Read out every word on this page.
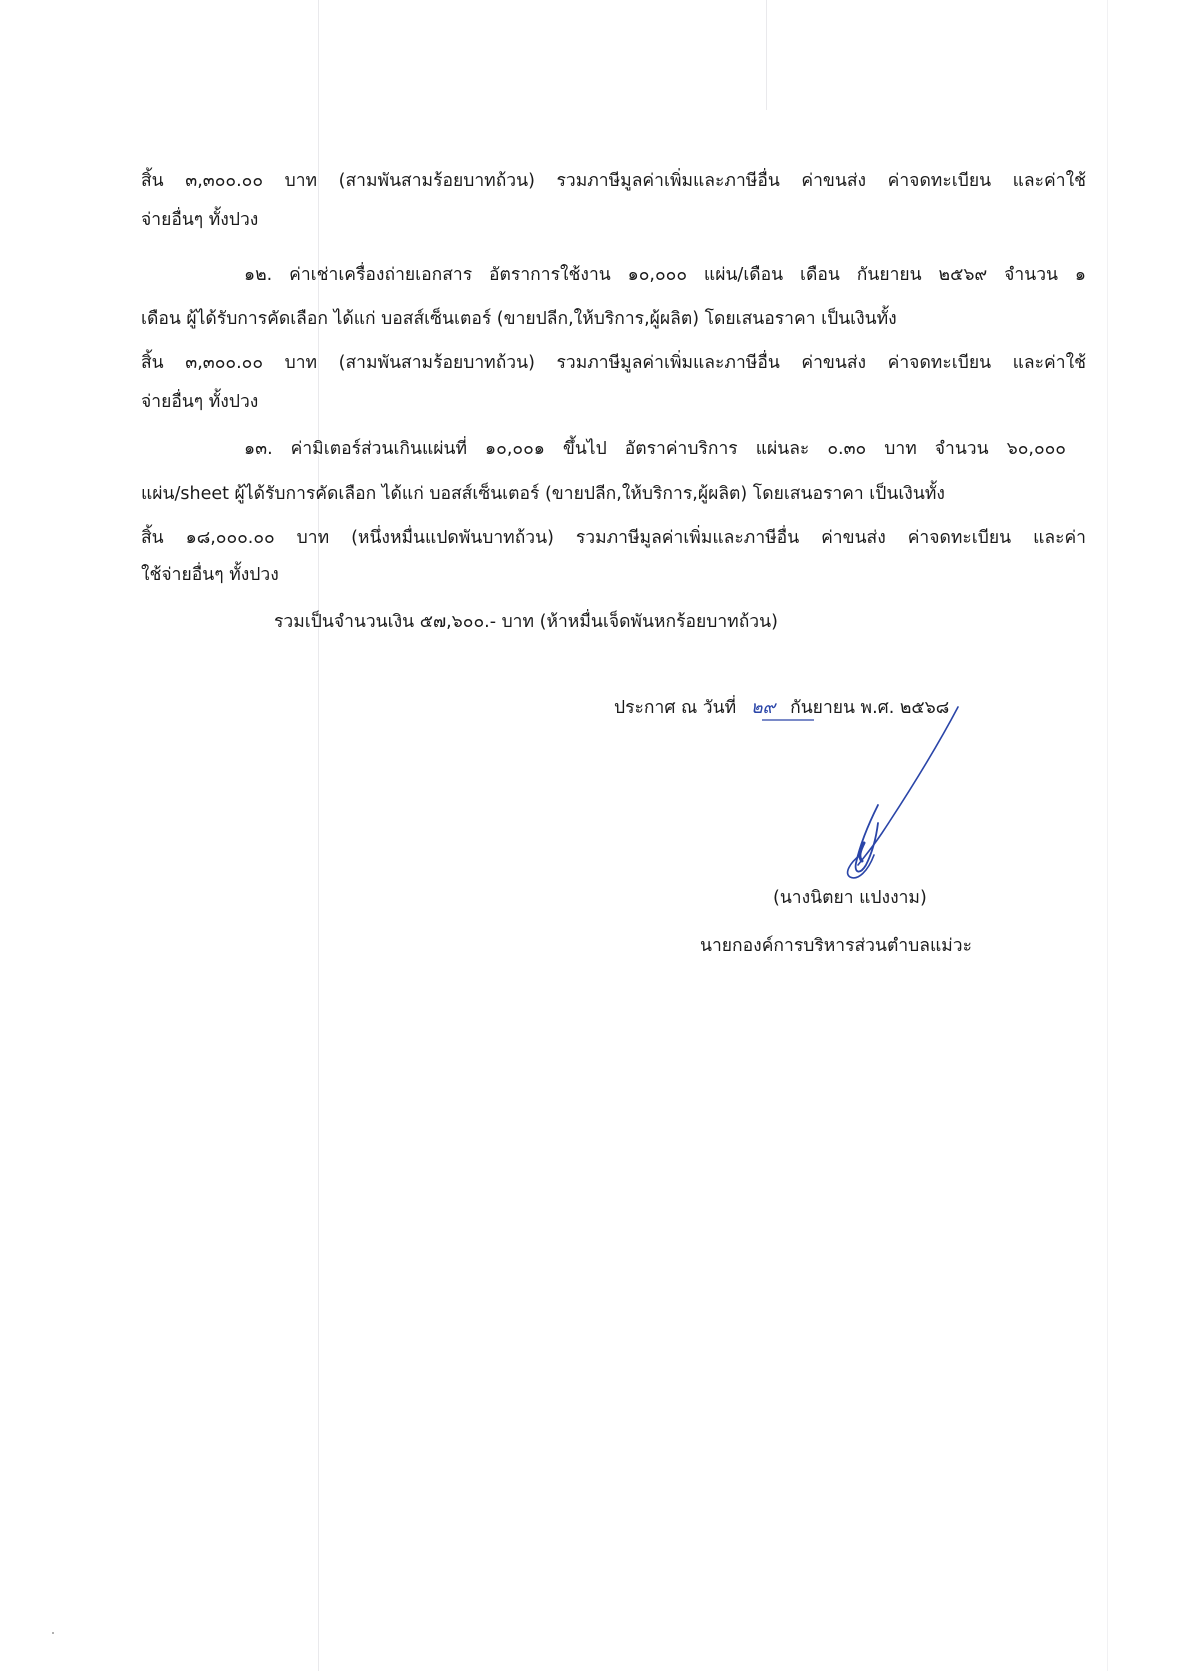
สิ้น ๓,๓๐๐.๐๐ บาท (สามพันสามร้อยบาทถ้วน) รวมภาษีมูลค่าเพิ่มและภาษีอื่น ค่าขนส่ง ค่าจดทะเบียน และค่าใช้
จ่ายอื่นๆ ทั้งปวง
๑๒. ค่าเช่าเครื่องถ่ายเอกสาร อัตราการใช้งาน ๑๐,๐๐๐ แผ่น/เดือน เดือน กันยายน ๒๕๖๙ จำนวน ๑
เดือน ผู้ได้รับการคัดเลือก ได้แก่ บอสส์เซ็นเตอร์ (ขายปลีก,ให้บริการ,ผู้ผลิต) โดยเสนอราคา เป็นเงินทั้ง
สิ้น ๓,๓๐๐.๐๐ บาท (สามพันสามร้อยบาทถ้วน) รวมภาษีมูลค่าเพิ่มและภาษีอื่น ค่าขนส่ง ค่าจดทะเบียน และค่าใช้
จ่ายอื่นๆ ทั้งปวง
๑๓. ค่ามิเตอร์ส่วนเกินแผ่นที่ ๑๐,๐๐๑ ขึ้นไป อัตราค่าบริการ แผ่นละ ๐.๓๐ บาท จำนวน ๖๐,๐๐๐
แผ่น/sheet ผู้ได้รับการคัดเลือก ได้แก่ บอสส์เซ็นเตอร์ (ขายปลีก,ให้บริการ,ผู้ผลิต) โดยเสนอราคา เป็นเงินทั้ง
สิ้น ๑๘,๐๐๐.๐๐ บาท (หนึ่งหมื่นแปดพันบาทถ้วน) รวมภาษีมูลค่าเพิ่มและภาษีอื่น ค่าขนส่ง ค่าจดทะเบียน และค่า
ใช้จ่ายอื่นๆ ทั้งปวง
รวมเป็นจำนวนเงิน ๕๗,๖๐๐.- บาท (ห้าหมื่นเจ็ดพันหกร้อยบาทถ้วน)
ประกาศ ณ วันที่ ๒๙ กันยายน พ.ศ. ๒๕๖๘
(นางนิตยา แปงงาม)
นายกองค์การบริหารส่วนตำบลแม่วะ
